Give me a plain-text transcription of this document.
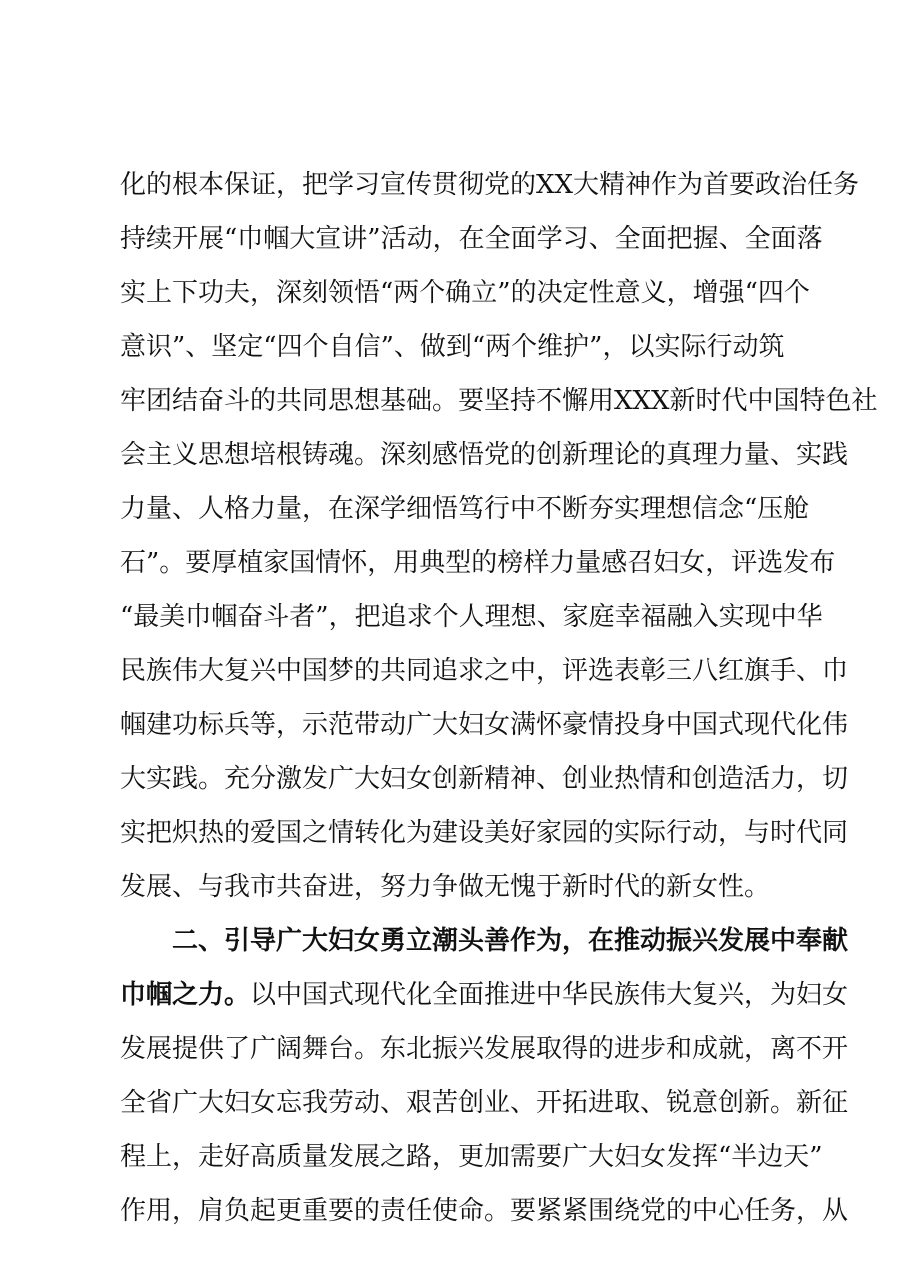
化的根本保证，把学习宣传贯彻党的XX大精神作为首要政治任务
持续开展“巾帼大宣讲”活动，在全面学习、全面把握、全面落
实上下功夫，深刻领悟“两个确立”的决定性意义，增强“四个
意识”、坚定“四个自信”、做到“两个维护”，以实际行动筑
牢团结奋斗的共同思想基础。要坚持不懈用XXX新时代中国特色社
会主义思想培根铸魂。深刻感悟党的创新理论的真理力量、实践
力量、人格力量，在深学细悟笃行中不断夯实理想信念“压舱
石”。要厚植家国情怀，用典型的榜样力量感召妇女，评选发布
“最美巾帼奋斗者”，把追求个人理想、家庭幸福融入实现中华
民族伟大复兴中国梦的共同追求之中，评选表彰三八红旗手、巾
帼建功标兵等，示范带动广大妇女满怀豪情投身中国式现代化伟
大实践。充分激发广大妇女创新精神、创业热情和创造活力，切
实把炽热的爱国之情转化为建设美好家园的实际行动，与时代同
发展、与我市共奋进，努力争做无愧于新时代的新女性。
二、引导广大妇女勇立潮头善作为，在推动振兴发展中奉献
巾帼之力。以中国式现代化全面推进中华民族伟大复兴，为妇女
发展提供了广阔舞台。东北振兴发展取得的进步和成就，离不开
全省广大妇女忘我劳动、艰苦创业、开拓进取、锐意创新。新征
程上，走好高质量发展之路，更加需要广大妇女发挥“半边天”
作用，肩负起更重要的责任使命。要紧紧围绕党的中心任务，从
